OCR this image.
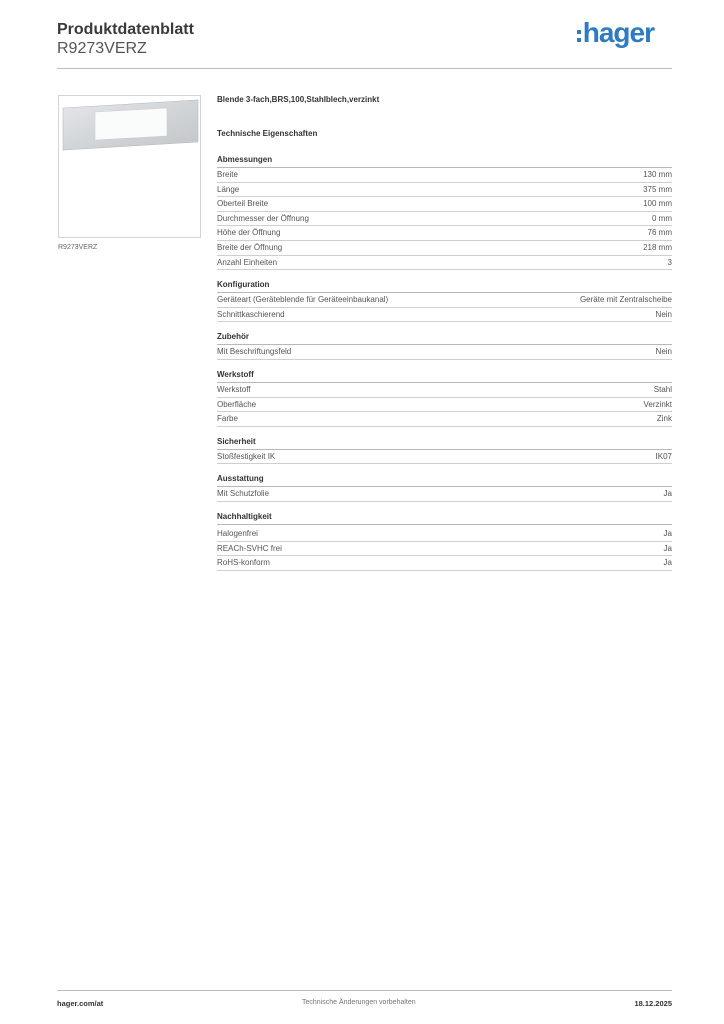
Produktdatenblatt
R9273VERZ
hager
R9273VERZ
Blende 3-fach,BRS,100,Stahlblech,verzinkt
Technische Eigenschaften
Abmessungen
Breite	130 mm
Länge	375 mm
Oberteil Breite	100 mm
Durchmesser der Öffnung	0 mm
Höhe der Öffnung	76 mm
Breite der Öffnung	218 mm
Anzahl Einheiten	3
Konfiguration
Geräteart (Geräteblende für Geräteeinbaukanal)	Geräte mit Zentralscheibe
Schnittkaschierend	Nein
Zubehör
Mit Beschriftungsfeld	Nein
Werkstoff
Werkstoff	Stahl
Oberfläche	Verzinkt
Farbe	Zink
Sicherheit
Stoßfestigkeit IK	IK07
Ausstattung
Mit Schutzfolie	Ja
Nachhaltigkeit
Halogenfrei	Ja
REACh-SVHC frei	Ja
RoHS-konform	Ja
hager.com/at	Technische Änderungen vorbehalten	18.12.2025
